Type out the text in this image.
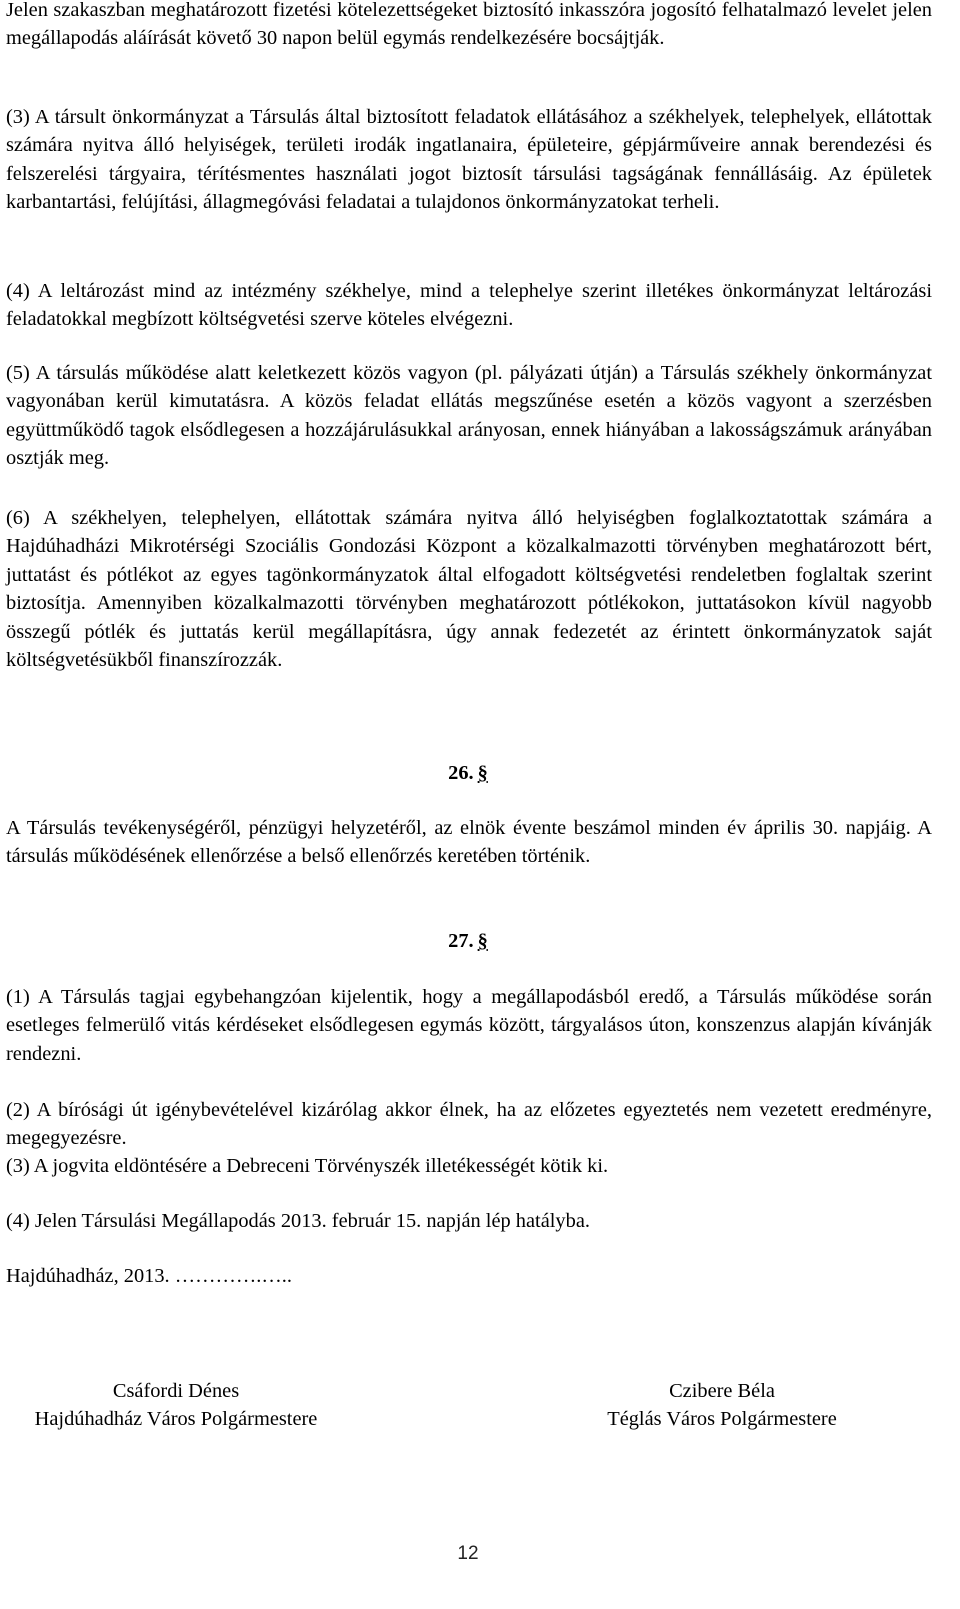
Jelen szakaszban meghatározott fizetési kötelezettségeket biztosító inkasszóra jogosító felhatalmazó levelet jelen megállapodás aláírását követő 30 napon belül egymás rendelkezésére bocsájtják.

(3) A társult önkormányzat a Társulás által biztosított feladatok ellátásához a székhelyek, telephelyek, ellátottak számára nyitva álló helyiségek, területi irodák ingatlanaira, épületeire, gépjárműveire annak berendezési és felszerelési tárgyaira, térítésmentes használati jogot biztosít társulási tagságának fennállásáig. Az épületek karbantartási, felújítási, állagmegóvási feladatai a tulajdonos önkormányzatokat terheli.

(4) A leltározást mind az intézmény székhelye, mind a telephelye szerint illetékes önkormányzat leltározási feladatokkal megbízott költségvetési szerve köteles elvégezni.

(5) A társulás működése alatt keletkezett közös vagyon (pl. pályázati útján) a Társulás székhely önkormányzat vagyonában kerül kimutatásra. A közös feladat ellátás megszűnése esetén a közös vagyont a szerzésben együttműködő tagok elsődlegesen a hozzájárulásukkal arányosan, ennek hiányában a lakosságszámuk arányában osztják meg.

(6) A székhelyen, telephelyen, ellátottak számára nyitva álló helyiségben foglalkoztatottak számára a Hajdúhadházi Mikrotérségi Szociális Gondozási Központ a közalkalmazotti törvényben meghatározott bért, juttatást és pótlékot az egyes tagönkormányzatok által elfogadott költségvetési rendeletben foglaltak szerint biztosítja. Amennyiben közalkalmazotti törvényben meghatározott pótlékokon, juttatásokon kívül nagyobb összegű pótlék és juttatás kerül megállapításra, úgy annak fedezetét az érintett önkormányzatok saját költségvetésükből finanszírozzák.

26. §

A Társulás tevékenységéről, pénzügyi helyzetéről, az elnök évente beszámol minden év április 30. napjáig. A társulás működésének ellenőrzése a belső ellenőrzés keretében történik.

27. §

(1) A Társulás tagjai egybehangzóan kijelentik, hogy a megállapodásból eredő, a Társulás működése során esetleges felmerülő vitás kérdéseket elsődlegesen egymás között, tárgyalásos úton, konszenzus alapján kívánják rendezni.

(2) A bírósági út igénybevételével kizárólag akkor élnek, ha az előzetes egyeztetés nem vezetett eredményre, megegyezésre.

(3) A jogvita eldöntésére a Debreceni Törvényszék illetékességét kötik ki.

(4) Jelen Társulási Megállapodás 2013. február 15. napján lép hatályba.

Hajdúhadház, 2013. ………….…..

Csáfordi Dénes
Hajdúhadház Város Polgármestere
Czibere Béla
Téglás Város Polgármestere
12
